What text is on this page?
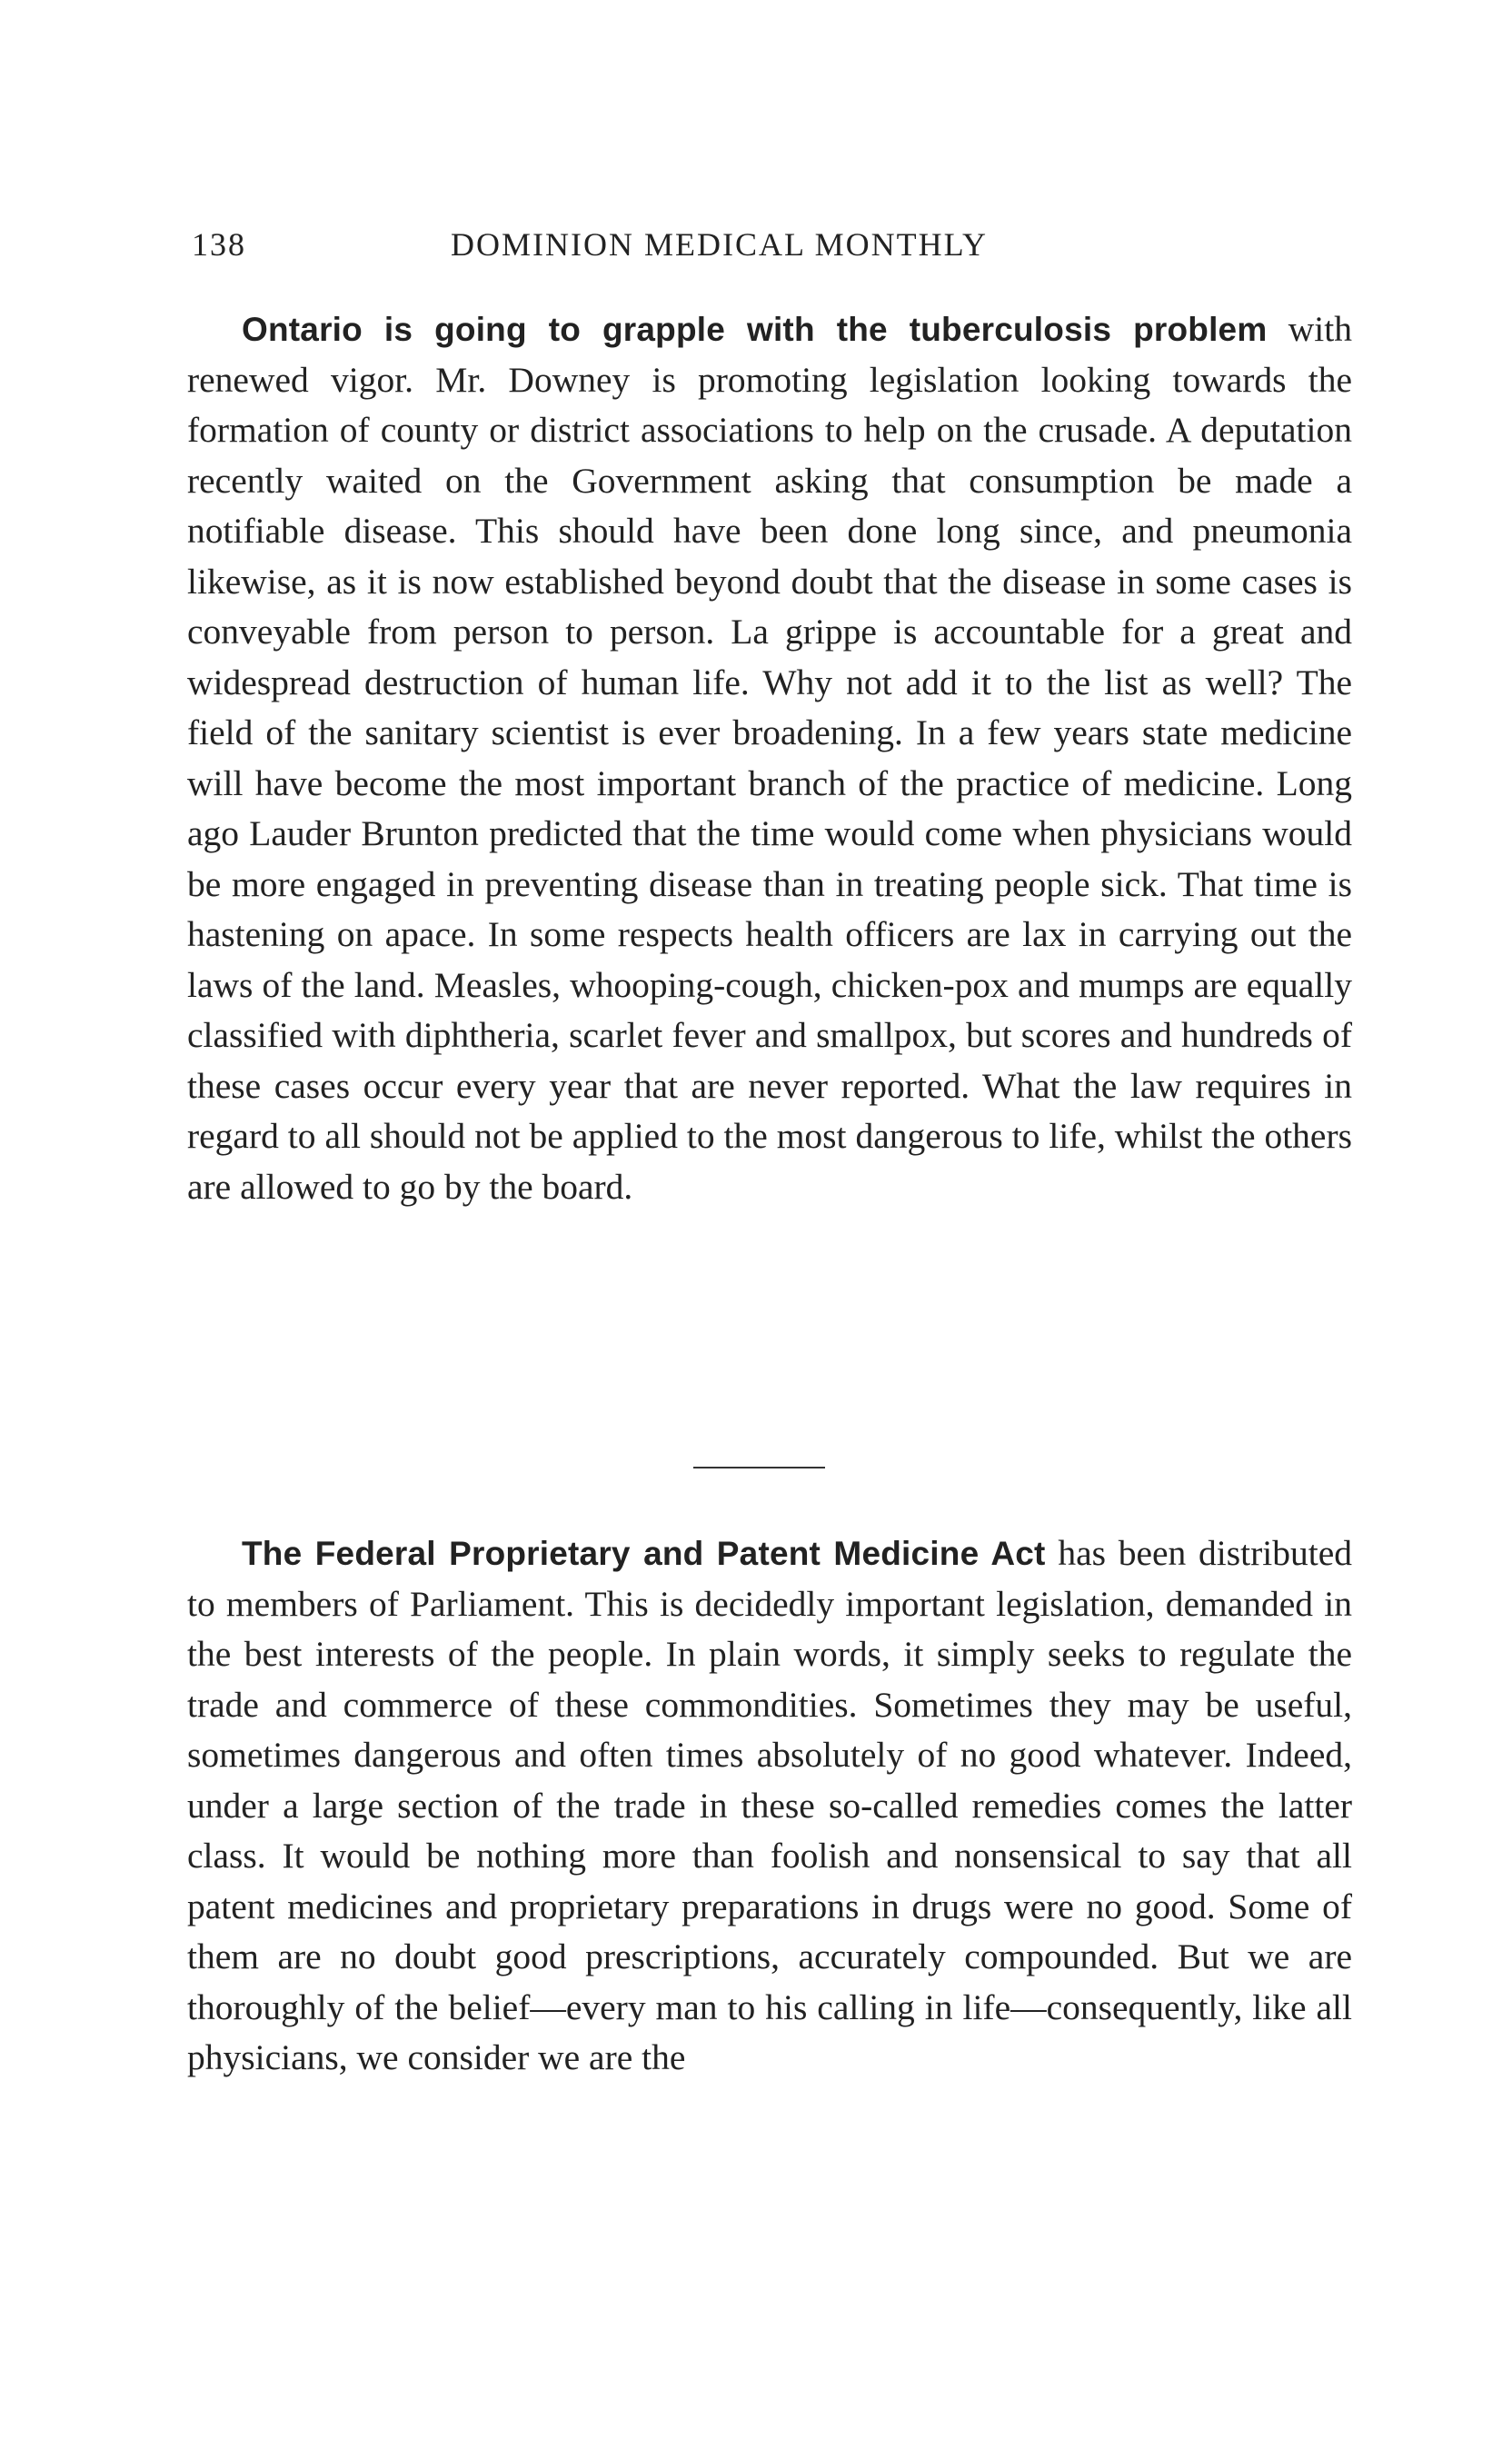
138	DOMINION MEDICAL MONTHLY

Ontario is going to grapple with the tuberculosis problem with renewed vigor. Mr. Downey is promoting legislation looking towards the formation of county or district associations to help on the crusade. A deputation recently waited on the Government asking that consumption be made a notifiable disease. This should have been done long since, and pneumonia likewise, as it is now established beyond doubt that the disease in some cases is conveyable from person to person. La grippe is accountable for a great and widespread destruction of human life. Why not add it to the list as well? The field of the sanitary scientist is ever broadening. In a few years state medicine will have become the most important branch of the practice of medicine. Long ago Lauder Brunton predicted that the time would come when physicians would be more engaged in preventing disease than in treating people sick. That time is hastening on apace. In some respects health officers are lax in carrying out the laws of the land. Measles, whooping-cough, chicken-pox and mumps are equally classified with diphtheria, scarlet fever and smallpox, but scores and hundreds of these cases occur every year that are never reported. What the law requires in regard to all should not be applied to the most dangerous to life, whilst the others are allowed to go by the board.

The Federal Proprietary and Patent Medicine Act has been distributed to members of Parliament. This is decidedly important legislation, demanded in the best interests of the people. In plain words, it simply seeks to regulate the trade and commerce of these commondities. Sometimes they may be useful, sometimes dangerous and often times absolutely of no good whatever. Indeed, under a large section of the trade in these so-called remedies comes the latter class. It would be nothing more than foolish and nonsensical to say that all patent medicines and proprietary preparations in drugs were no good. Some of them are no doubt good prescriptions, accurately compounded. But we are thoroughly of the belief—every man to his calling in life—consequently, like all physicians, we consider we are the
